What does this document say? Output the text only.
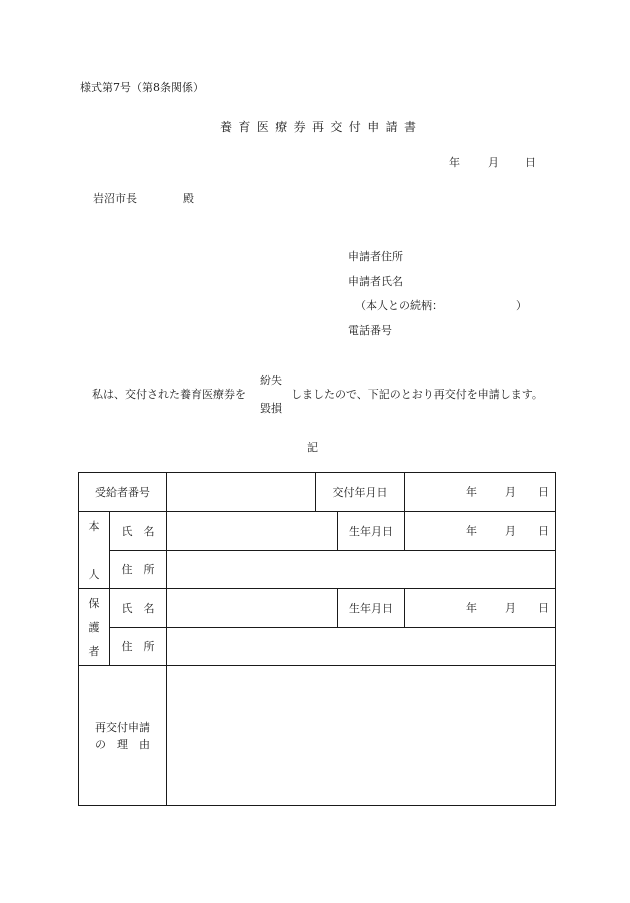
様式第7号（第8条関係）
養育医療券再交付申請書
年	月 日
岩沼市長	殿
申請者住所
申請者氏名
（本人との続柄：	）
電話番号
私は、交付された養育医療券を
紛失
毀損
しましたので、下記のとおり再交付を申請します。
記
受給者番号			交付年月日		年 月 日

本
人	氏　名			生年月日	年 月 日

	住　所				

保
護
者	氏　名			生年月日	年 月 日

	住　所				

再交付申請
の　理　由					
